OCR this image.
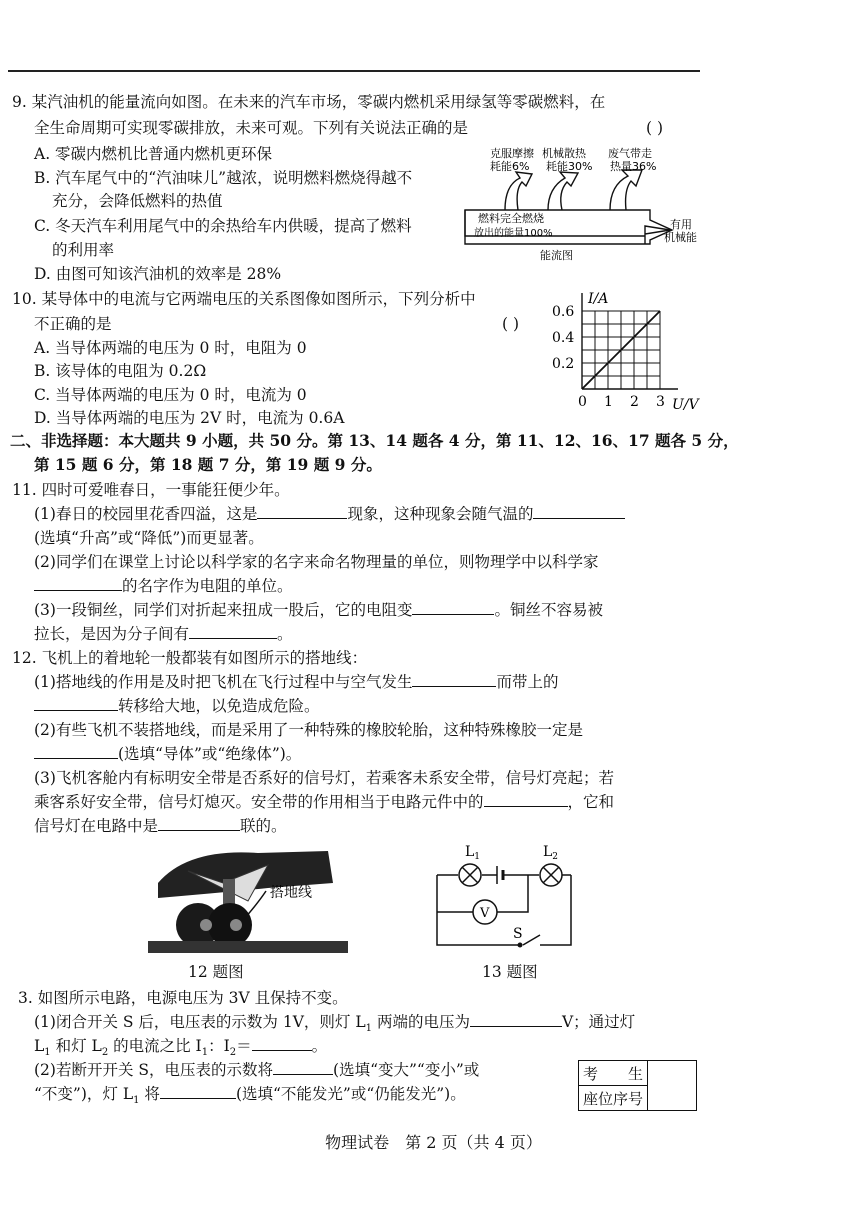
9. 某汽油机的能量流向如图。在未来的汽车市场，零碳内燃机采用绿氢等零碳燃料，在
全生命周期可实现零碳排放，未来可观。下列有关说法正确的是	( )
A. 零碳内燃机比普通内燃机更环保
B. 汽车尾气中的“汽油味儿”越浓，说明燃料燃烧得越不
充分，会降低燃料的热值
C. 冬天汽车利用尾气中的余热给车内供暖，提高了燃料
的利用率
D. 由图可知该汽油机的效率是 28%
克服摩擦
耗能6%
机械散热
耗能30%
废气带走
热量36%
燃料完全燃烧
放出的能量100%
有用
机械能
能流图
10. 某导体中的电流与它两端电压的关系图像如图所示，下列分析中
不正确的是	( )
A. 当导体两端的电压为 0 时，电阻为 0
B. 该导体的电阻为 0.2Ω
C. 当导体两端的电压为 0 时，电流为 0
D. 当导体两端的电压为 2V 时，电流为 0.6A
0 1 2 3
0.2
0.4
0.6
I/A
U/V
二、非选择题：本大题共 9 小题，共 50 分。第 13、14 题各 4 分，第 11、12、16、17 题各 5 分，
第 15 题 6 分，第 18 题 7 分，第 19 题 9 分。
11. 四时可爱唯春日，一事能狂便少年。
(1)春日的校园里花香四溢，这是	现象，这种现象会随气温的
(选填“升高”或“降低”)而更显著。
(2)同学们在课堂上讨论以科学家的名字来命名物理量的单位，则物理学中以科学家
的名字作为电阻的单位。
(3)一段铜丝，同学们对折起来扭成一股后，它的电阻变	。铜丝不容易被
拉长，是因为分子间有	。
12. 飞机上的着地轮一般都装有如图所示的搭地线：
(1)搭地线的作用是及时把飞机在飞行过程中与空气发生	而带上的
转移给大地，以免造成危险。
(2)有些飞机不装搭地线，而是采用了一种特殊的橡胶轮胎，这种特殊橡胶一定是
(选填“导体”或“绝缘体”)。
(3)飞机客舱内有标明安全带是否系好的信号灯，若乘客未系安全带，信号灯亮起；若
乘客系好安全带，信号灯熄灭。安全带的作用相当于电路元件中的	，它和
信号灯在电路中是	联的。
搭地线
12 题图
$L_1$	$L_2$
V
S
13 题图
3. 如图所示电路，电源电压为 3V 且保持不变。
(1)闭合开关 S 后，电压表的示数为 1V，则灯 $L_1$ 两端的电压为	V；通过灯
$L_1$ 和灯 $L_2$ 的电流之比 $I_1$：$I_2=$	。
(2)若断开开关 S，电压表的示数将	(选填“变大”“变小”或
“不变”)，灯 $L_1$ 将	(选填“不能发光”或“仍能发光”)。
考　　生	
座位序号
物理试卷　第 2 页（共 4 页）
